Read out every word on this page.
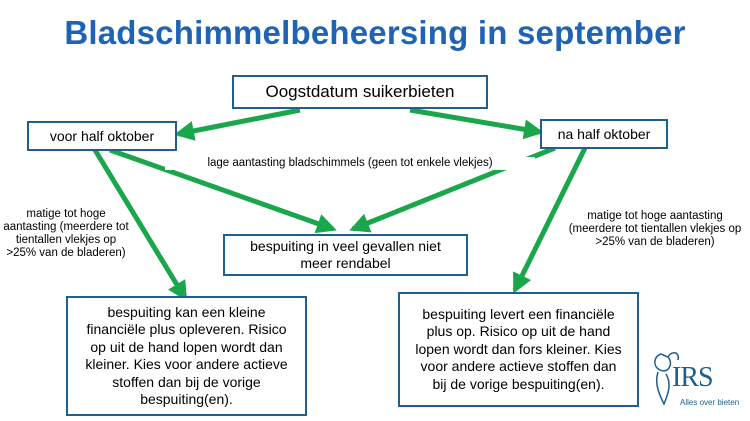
Bladschimmelbeheersing in september
Oogstdatum suikerbieten
voor half oktober	na half oktober
lage aantasting bladschimmels (geen tot enkele vlekjes)
matige tot hoge aantasting (meerdere tot tientallen vlekjes op >25% van de bladeren)
matige tot hoge aantasting (meerdere tot tientallen vlekjes op >25% van de bladeren)
bespuiting in veel gevallen niet meer rendabel
bespuiting kan een kleine financiële plus opleveren. Risico op uit de hand lopen wordt dan kleiner. Kies voor andere actieve stoffen dan bij de vorige bespuiting(en).
bespuiting levert een financiële plus op. Risico op uit de hand lopen wordt dan fors kleiner. Kies voor andere actieve stoffen dan bij de vorige bespuiting(en).	IRS
Alles over bieten
